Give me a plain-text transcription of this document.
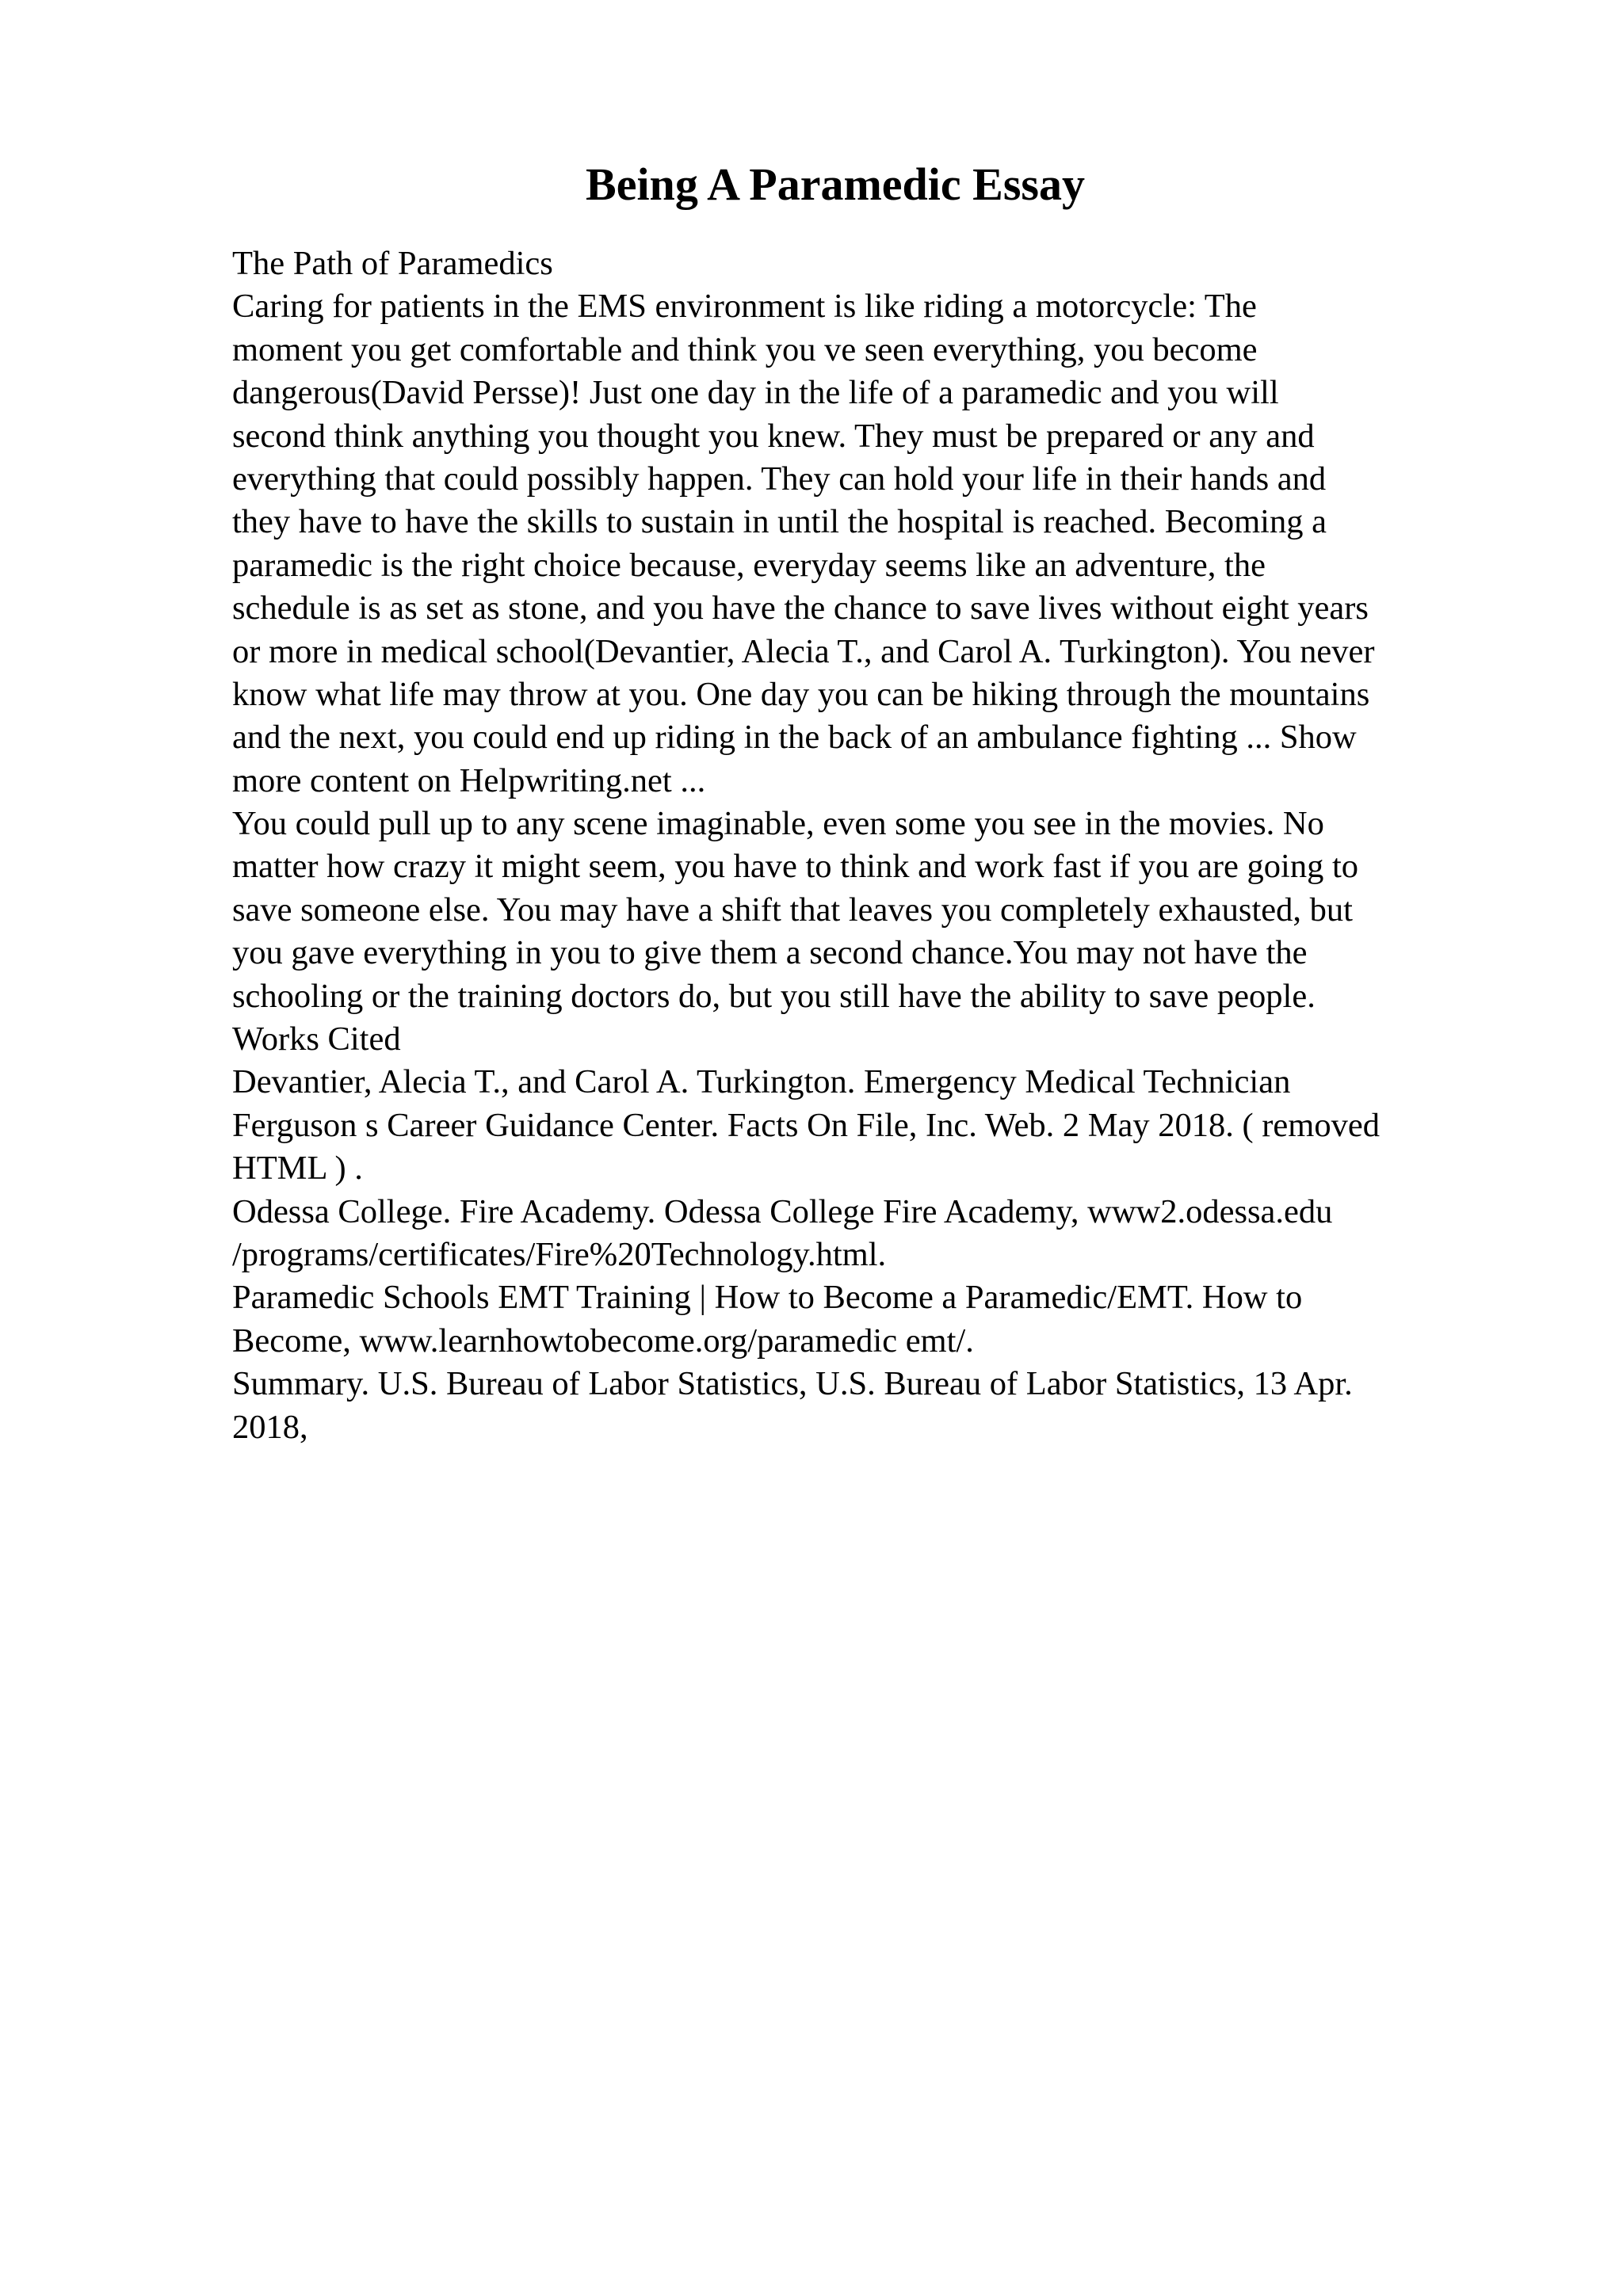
Being A Paramedic Essay
The Path of Paramedics
Caring for patients in the EMS environment is like riding a motorcycle: The
moment you get comfortable and think you ve seen everything, you become
dangerous(David Persse)! Just one day in the life of a paramedic and you will
second think anything you thought you knew. They must be prepared or any and
everything that could possibly happen. They can hold your life in their hands and
they have to have the skills to sustain in until the hospital is reached. Becoming a
paramedic is the right choice because, everyday seems like an adventure, the
schedule is as set as stone, and you have the chance to save lives without eight years
or more in medical school(Devantier, Alecia T., and Carol A. Turkington). You never
know what life may throw at you. One day you can be hiking through the mountains
and the next, you could end up riding in the back of an ambulance fighting ... Show
more content on Helpwriting.net ...
You could pull up to any scene imaginable, even some you see in the movies. No
matter how crazy it might seem, you have to think and work fast if you are going to
save someone else. You may have a shift that leaves you completely exhausted, but
you gave everything in you to give them a second chance.You may not have the
schooling or the training doctors do, but you still have the ability to save people.
Works Cited
Devantier, Alecia T., and Carol A. Turkington. Emergency Medical Technician
Ferguson s Career Guidance Center. Facts On File, Inc. Web. 2 May 2018. ( removed
HTML ) .
Odessa College. Fire Academy. Odessa College Fire Academy, www2.odessa.edu
/programs/certificates/Fire%20Technology.html.
Paramedic Schools EMT Training | How to Become a Paramedic/EMT. How to
Become, www.learnhowtobecome.org/paramedic emt/.
Summary. U.S. Bureau of Labor Statistics, U.S. Bureau of Labor Statistics, 13 Apr.
2018,
